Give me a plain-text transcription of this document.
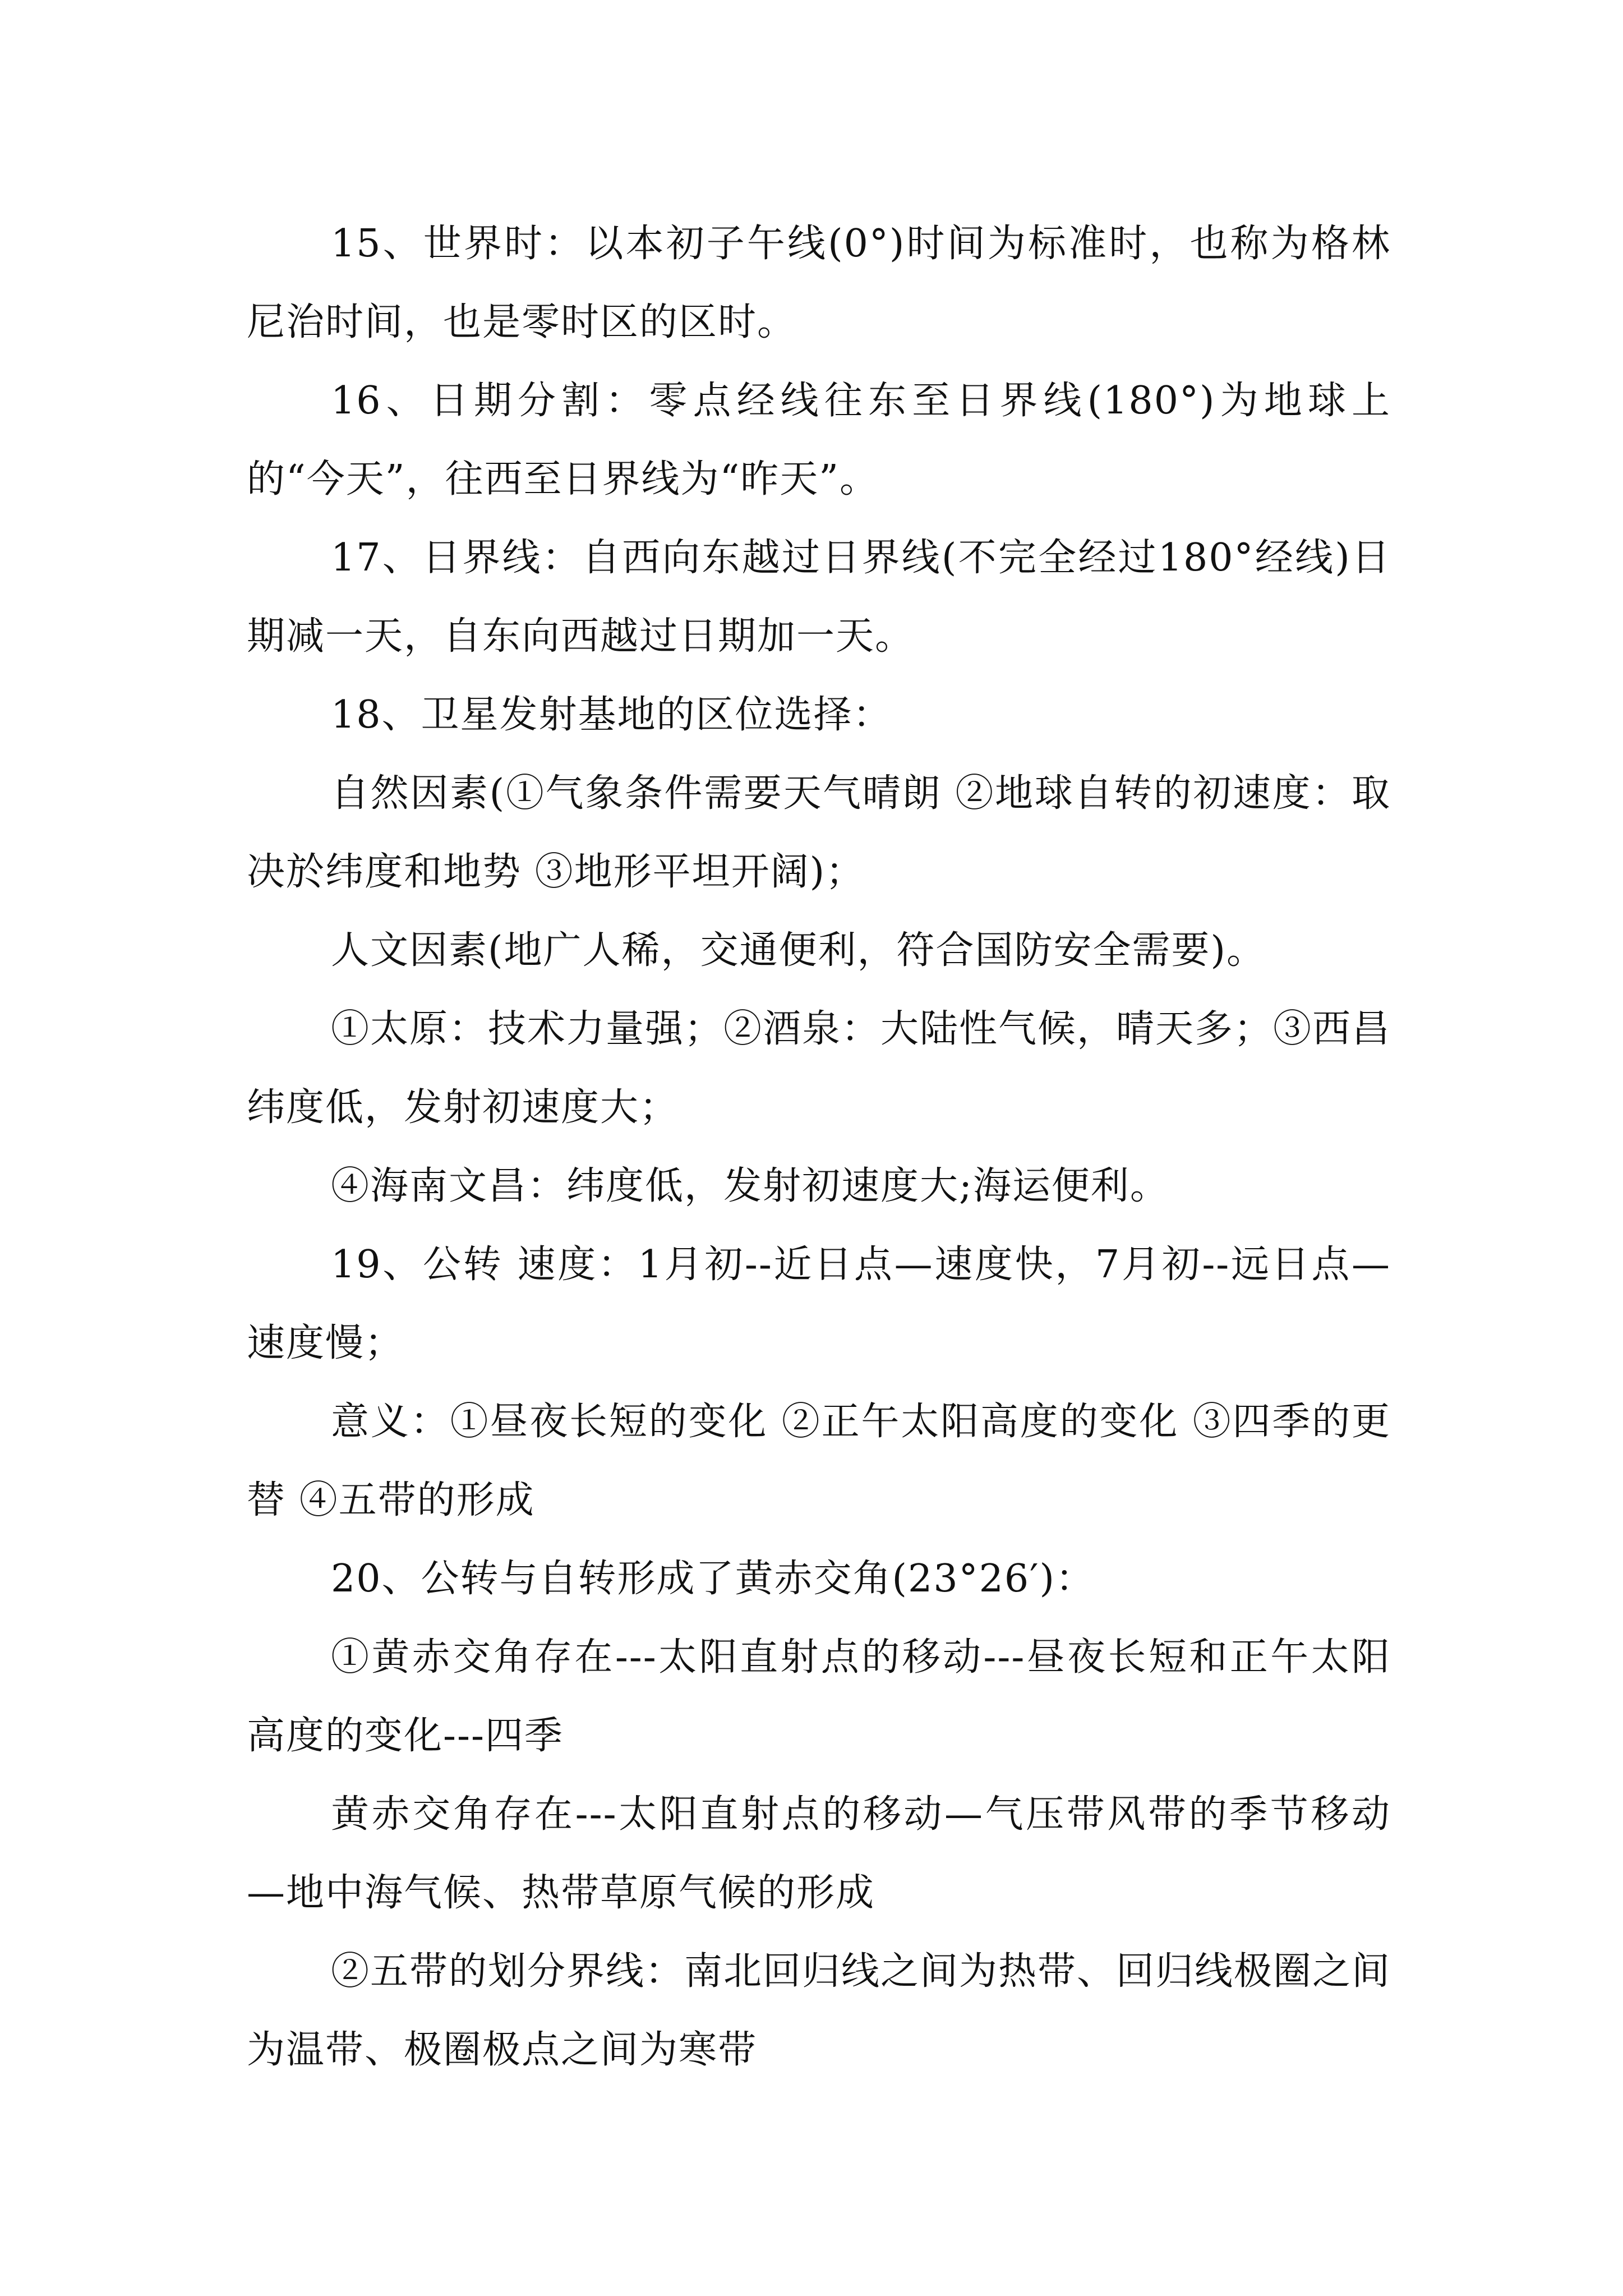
15、世界时：以本初子午线(0°)时间为标准时，也称为格林尼治时间，也是零时区的区时。

16、日期分割：零点经线往东至日界线(180°)为地球上的“今天”，往西至日界线为“昨天”。

17、日界线：自西向东越过日界线(不完全经过180°经线)日期减一天，自东向西越过日期加一天。

18、卫星发射基地的区位选择：

自然因素(①气象条件需要天气晴朗 ②地球自转的初速度：取决於纬度和地势 ③地形平坦开阔)；

人文因素(地广人稀，交通便利，符合国防安全需要)。

①太原：技术力量强；②酒泉：大陆性气候，晴天多；③西昌纬度低，发射初速度大；

④海南文昌：纬度低，发射初速度大;海运便利。

19、公转 速度：1月初--近日点—速度快，7月初--远日点—速度慢；

意义：①昼夜长短的变化 ②正午太阳高度的变化 ③四季的更替 ④五带的形成

20、公转与自转形成了黄赤交角(23°26′)：

①黄赤交角存在---太阳直射点的移动---昼夜长短和正午太阳高度的变化---四季

黄赤交角存在---太阳直射点的移动—气压带风带的季节移动—地中海气候、热带草原气候的形成

②五带的划分界线：南北回归线之间为热带、回归线极圈之间为温带、极圈极点之间为寒带
